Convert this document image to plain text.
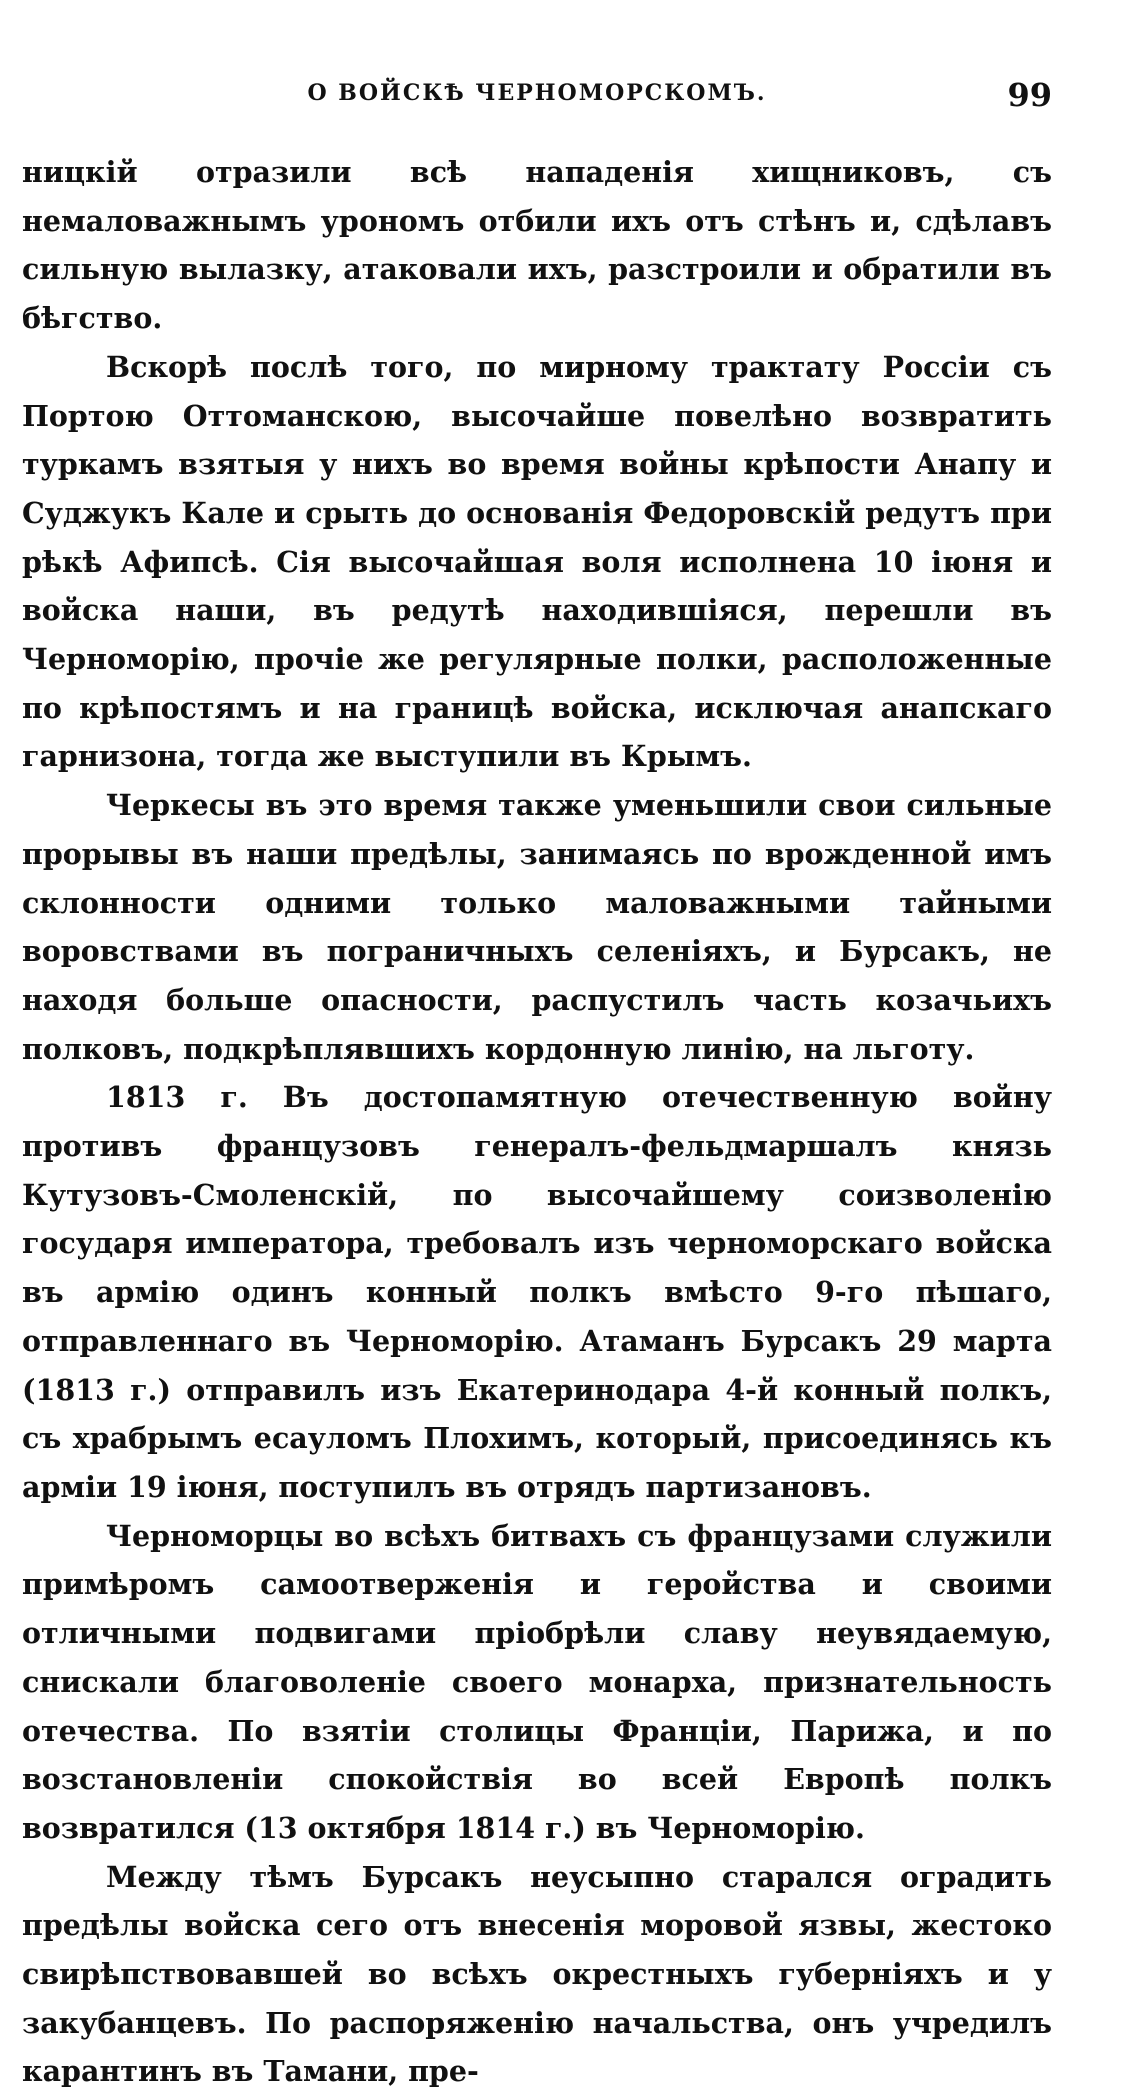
О ВОЙСКѢ ЧЕРНОМОРСКОМЪ.	99

ницкій отразили всѣ нападенія хищниковъ, съ немаловажнымъ урономъ отбили ихъ отъ стѣнъ и, сдѣлавъ сильную вылазку, атаковали ихъ, разстроили и обратили въ бѣгство.

Вскорѣ послѣ того, по мирному трактату Россіи съ Портою Оттоманскою, высочайше повелѣно возвратить туркамъ взятыя у нихъ во время войны крѣпости Анапу и Суджукъ Кале и срыть до основанія Федоровскій редутъ при рѣкѣ Афипсѣ. Сія высочайшая воля исполнена 10 іюня и войска наши, въ редутѣ находившіяся, перешли въ Черноморію, прочіе же регулярные полки, расположенные по крѣпостямъ и на границѣ войска, исключая анапскаго гарнизона, тогда же выступили въ Крымъ.

Черкесы въ это время также уменьшили свои сильные прорывы въ наши предѣлы, занимаясь по врожденной имъ склонности одними только маловажными тайными воровствами въ пограничныхъ селеніяхъ, и Бурсакъ, не находя больше опасности, распустилъ часть козачьихъ полковъ, подкрѣплявшихъ кордонную линію, на льготу.

1813 г. Въ достопамятную отечественную войну противъ французовъ генералъ-фельдмаршалъ князь Кутузовъ-Смоленскій, по высочайшему соизволенію государя императора, требовалъ изъ черноморскаго войска въ армію одинъ конный полкъ вмѣсто 9-го пѣшаго, отправленнаго въ Черноморію. Атаманъ Бурсакъ 29 марта (1813 г.) отправилъ изъ Екатеринодара 4-й конный полкъ, съ храбрымъ есауломъ Плохимъ, который, присоединясь къ арміи 19 іюня, поступилъ въ отрядъ партизановъ.

Черноморцы во всѣхъ битвахъ съ французами служили примѣромъ самоотверженія и геройства и своими отличными подвигами пріобрѣли славу неувядаемую, снискали благоволеніе своего монарха, признательность отечества. По взятіи столицы Франціи, Парижа, и по возстановленіи спокойствія во всей Европѣ полкъ возвратился (13 октября 1814 г.) въ Черноморію.

Между тѣмъ Бурсакъ неусыпно старался оградить предѣлы войска сего отъ внесенія моровой язвы, жестоко свирѣпствовавшей во всѣхъ окрестныхъ губерніяхъ и у закубанцевъ. По распоряженію начальства, онъ учредилъ карантинъ въ Тамани, пре-
